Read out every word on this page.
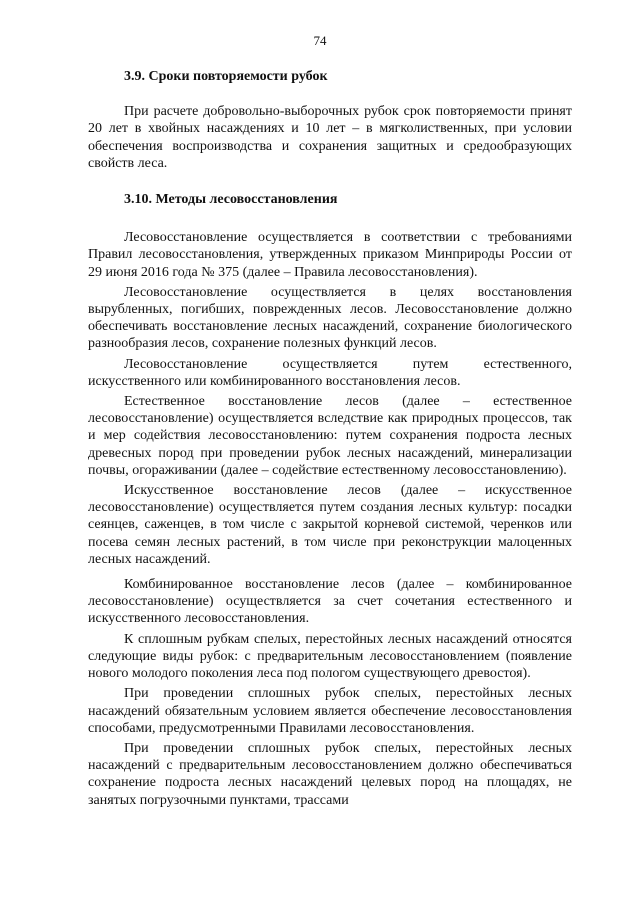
74
3.9. Сроки повторяемости рубок

При расчете добровольно-выборочных рубок срок повторяемости принят 20 лет в хвойных насаждениях и 10 лет – в мягколиственных, при условии обеспечения воспроизводства и сохранения защитных и средообразующих свойств леса.

3.10. Методы лесовосстановления

Лесовосстановление осуществляется в соответствии с требованиями Правил лесовосстановления, утвержденных приказом Минприроды России от 29 июня 2016 года № 375 (далее – Правила лесовосстановления).

Лесовосстановление осуществляется в целях восстановления вырубленных, погибших, поврежденных лесов. Лесовосстановление должно обеспечивать восстановление лесных насаждений, сохранение биологического разнообразия лесов, сохранение полезных функций лесов.

Лесовосстановление осуществляется путем естественного, искусственного или комбинированного восстановления лесов.

Естественное восстановление лесов (далее – естественное лесовосстановление) осуществляется вследствие как природных процессов, так и мер содействия лесовосстановлению: путем сохранения подроста лесных древесных пород при проведении рубок лесных насаждений, минерализации почвы, огораживании (далее – содействие естественному лесовосстановлению).

Искусственное восстановление лесов (далее – искусственное лесовосстановление) осуществляется путем создания лесных культур: посадки сеянцев, саженцев, в том числе с закрытой корневой системой, черенков или посева семян лесных растений, в том числе при реконструкции малоценных лесных насаждений.

Комбинированное восстановление лесов (далее – комбинированное лесовосстановление) осуществляется за счет сочетания естественного и искусственного лесовосстановления.

К сплошным рубкам спелых, перестойных лесных насаждений относятся следующие виды рубок: с предварительным лесовосстановлением (появление нового молодого поколения леса под пологом существующего древостоя).

При проведении сплошных рубок спелых, перестойных лесных насаждений обязательным условием является обеспечение лесовосстановления способами, предусмотренными Правилами лесовосстановления.

При проведении сплошных рубок спелых, перестойных лесных насаждений с предварительным лесовосстановлением должно обеспечиваться сохранение подроста лесных насаждений целевых пород на площадях, не занятых погрузочными пунктами, трассами
